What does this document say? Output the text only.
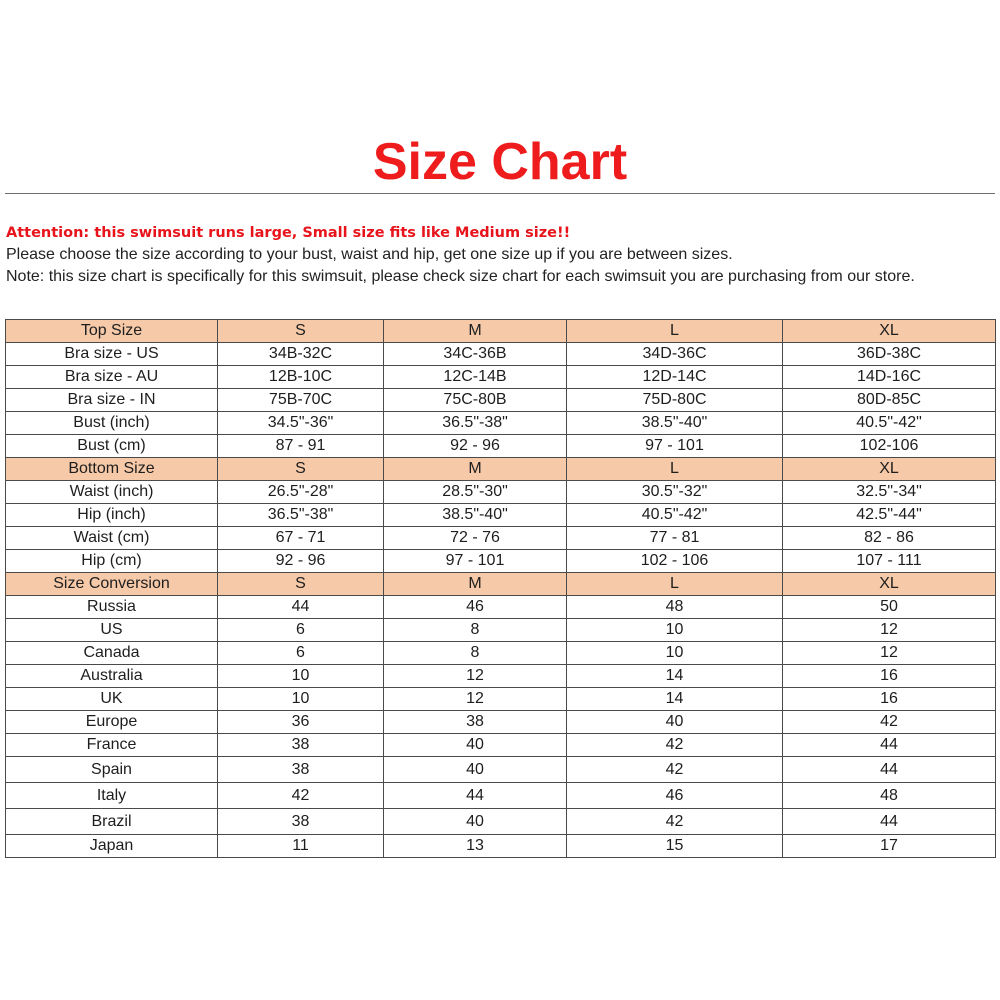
Size Chart
Attention: this swimsuit runs large, Small size fits like Medium size!!
Please choose the size according to your bust, waist and hip, get one size up if you are between sizes.
Note: this size chart is specifically for this swimsuit, please check size chart for each swimsuit you are purchasing from our store.
Top Size	S	M	L	XL
Bra size - US	34B-32C	34C-36B	34D-36C	36D-38C
Bra size - AU	12B-10C	12C-14B	12D-14C	14D-16C
Bra size - IN	75B-70C	75C-80B	75D-80C	80D-85C
Bust (inch)	34.5"-36"	36.5"-38"	38.5"-40"	40.5"-42"
Bust (cm)	87 - 91	92 - 96	97 - 101	102-106
Bottom Size	S	M	L	XL
Waist (inch)	26.5"-28"	28.5"-30"	30.5"-32"	32.5"-34"
Hip (inch)	36.5"-38"	38.5"-40"	40.5"-42"	42.5"-44"
Waist (cm)	67 - 71	72 - 76	77 - 81	82 - 86
Hip (cm)	92 - 96	97 - 101	102 - 106	107 - 111
Size Conversion	S	M	L	XL
Russia	44	46	48	50
US	6	8	10	12
Canada	6	8	10	12
Australia	10	12	14	16
UK	10	12	14	16
Europe	36	38	40	42
France	38	40	42	44
Spain	38	40	42	44
Italy	42	44	46	48
Brazil	38	40	42	44
Japan	11	13	15	17
